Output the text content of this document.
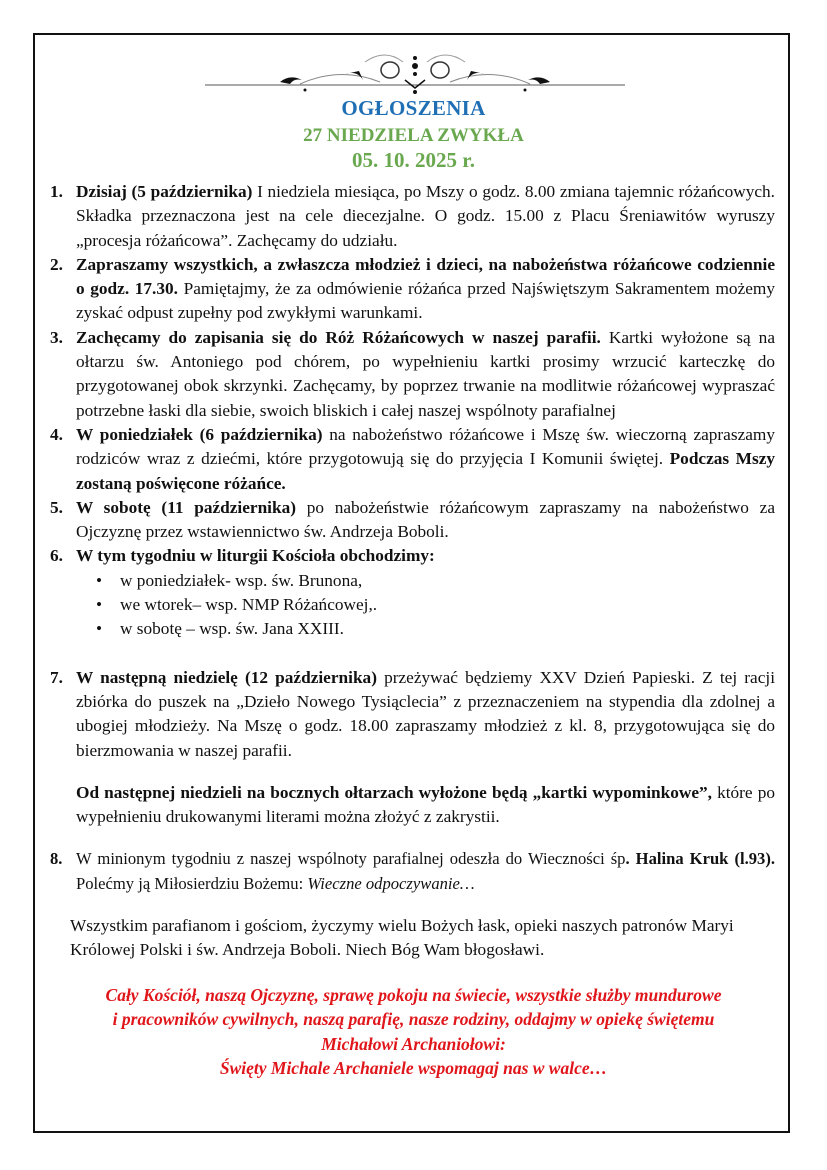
OGŁOSZENIA
27 NIEDZIELA ZWYKŁA
05. 10. 2025 r.
1. Dzisiaj (5 października) I niedziela miesiąca, po Mszy o godz. 8.00 zmiana tajemnic różańcowych. Składka przeznaczona jest na cele diecezjalne. O godz. 15.00 z Placu Śreniawitów wyruszy „procesja różańcowa”. Zachęcamy do udziału.
2. Zapraszamy wszystkich, a zwłaszcza młodzież i dzieci, na nabożeństwa różańcowe codziennie o godz. 17.30. Pamiętajmy, że za odmówienie różańca przed Najświętszym Sakramentem możemy zyskać odpust zupełny pod zwykłymi warunkami.
3. Zachęcamy do zapisania się do Róż Różańcowych w naszej parafii. Kartki wyłożone są na ołtarzu św. Antoniego pod chórem, po wypełnieniu kartki prosimy wrzucić karteczkę do przygotowanej obok skrzynki. Zachęcamy, by poprzez trwanie na modlitwie różańcowej wypraszać potrzebne łaski dla siebie, swoich bliskich i całej naszej wspólnoty parafialnej
4. W poniedziałek (6 października) na nabożeństwo różańcowe i Mszę św. wieczorną zapraszamy rodziców wraz z dziećmi, które przygotowują się do przyjęcia I Komunii świętej. Podczas Mszy zostaną poświęcone różańce.
5. W sobotę (11 października) po nabożeństwie różańcowym zapraszamy na nabożeństwo za Ojczyznę przez wstawiennictwo św. Andrzeja Boboli.
6. W tym tygodniu w liturgii Kościoła obchodzimy:
• w poniedziałek- wsp. św. Brunona,
• we wtorek– wsp. NMP Różańcowej,.
• w sobotę – wsp. św. Jana XXIII.
7. W następną niedzielę (12 października) przeżywać będziemy XXV Dzień Papieski. Z tej racji zbiórka do puszek na „Dzieło Nowego Tysiąclecia” z przeznaczeniem na stypendia dla zdolnej a ubogiej młodzieży. Na Mszę o godz. 18.00 zapraszamy młodzież z kl. 8, przygotowująca się do bierzmowania w naszej parafii.
Od następnej niedzieli na bocznych ołtarzach wyłożone będą „kartki wypominkowe”, które po wypełnieniu drukowanymi literami można złożyć z zakrystii.
8. W minionym tygodniu z naszej wspólnoty parafialnej odeszła do Wieczności śp. Halina Kruk (l.93). Polećmy ją Miłosierdziu Bożemu: Wieczne odpoczywanie…
Wszystkim parafianom i gościom, życzymy wielu Bożych łask, opieki naszych patronów Maryi Królowej Polski i św. Andrzeja Boboli. Niech Bóg Wam błogosławi.
Cały Kościół, naszą Ojczyznę, sprawę pokoju na świecie, wszystkie służby mundurowe
i pracowników cywilnych, naszą parafię, nasze rodziny, oddajmy w opiekę świętemu
Michałowi Archaniołowi:
Święty Michale Archaniele wspomagaj nas w walce…
